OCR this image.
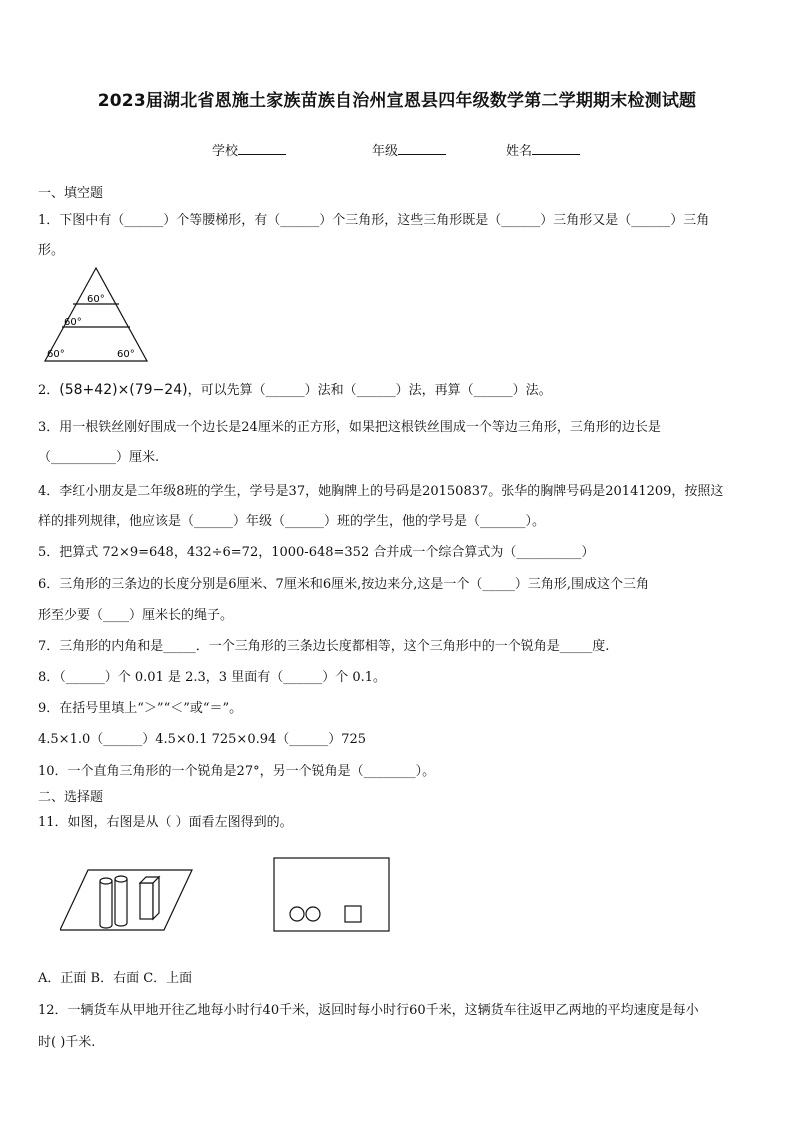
2023届湖北省恩施土家族苗族自治州宣恩县四年级数学第二学期期末检测试题
学校	年级	姓名
一、填空题
1．下图中有（______）个等腰梯形，有（______）个三角形，这些三角形既是（______）三角形又是（______）三角
形。
60°
60°
60°	60°
2．(58+42)×(79−24)，可以先算（______）法和（______）法，再算（______）法。
3．用一根铁丝刚好围成一个边长是24厘米的正方形，如果把这根铁丝围成一个等边三角形，三角形的边长是
（__________）厘米.
4．李红小朋友是二年级8班的学生，学号是37，她胸牌上的号码是20150837。张华的胸牌号码是20141209，按照这
样的排列规律，他应该是（______）年级（______）班的学生，他的学号是（_______）。
5．把算式 72×9=648，432÷6=72，1000-648=352 合并成一个综合算式为（__________）
6．三角形的三条边的长度分别是6厘米、7厘米和6厘米,按边来分,这是一个（_____）三角形,围成这个三角
形至少要（____）厘米长的绳子。
7．三角形的内角和是_____．一个三角形的三条边长度都相等，这个三角形中的一个锐角是_____度.
8．（______）个 0.01 是 2.3，3 里面有（______）个 0.1。
9．在括号里填上“＞”“＜”或“＝”。
4.5×1.0（______）4.5×0.1 725×0.94（______）725
10．一个直角三角形的一个锐角是27°，另一个锐角是（________）。
二、选择题
11．如图，右图是从（ ）面看左图得到的。
A．正面 B．右面 C．上面
12．一辆货车从甲地开往乙地每小时行40千米，返回时每小时行60千米，这辆货车往返甲乙两地的平均速度是每小
时( )千米.
